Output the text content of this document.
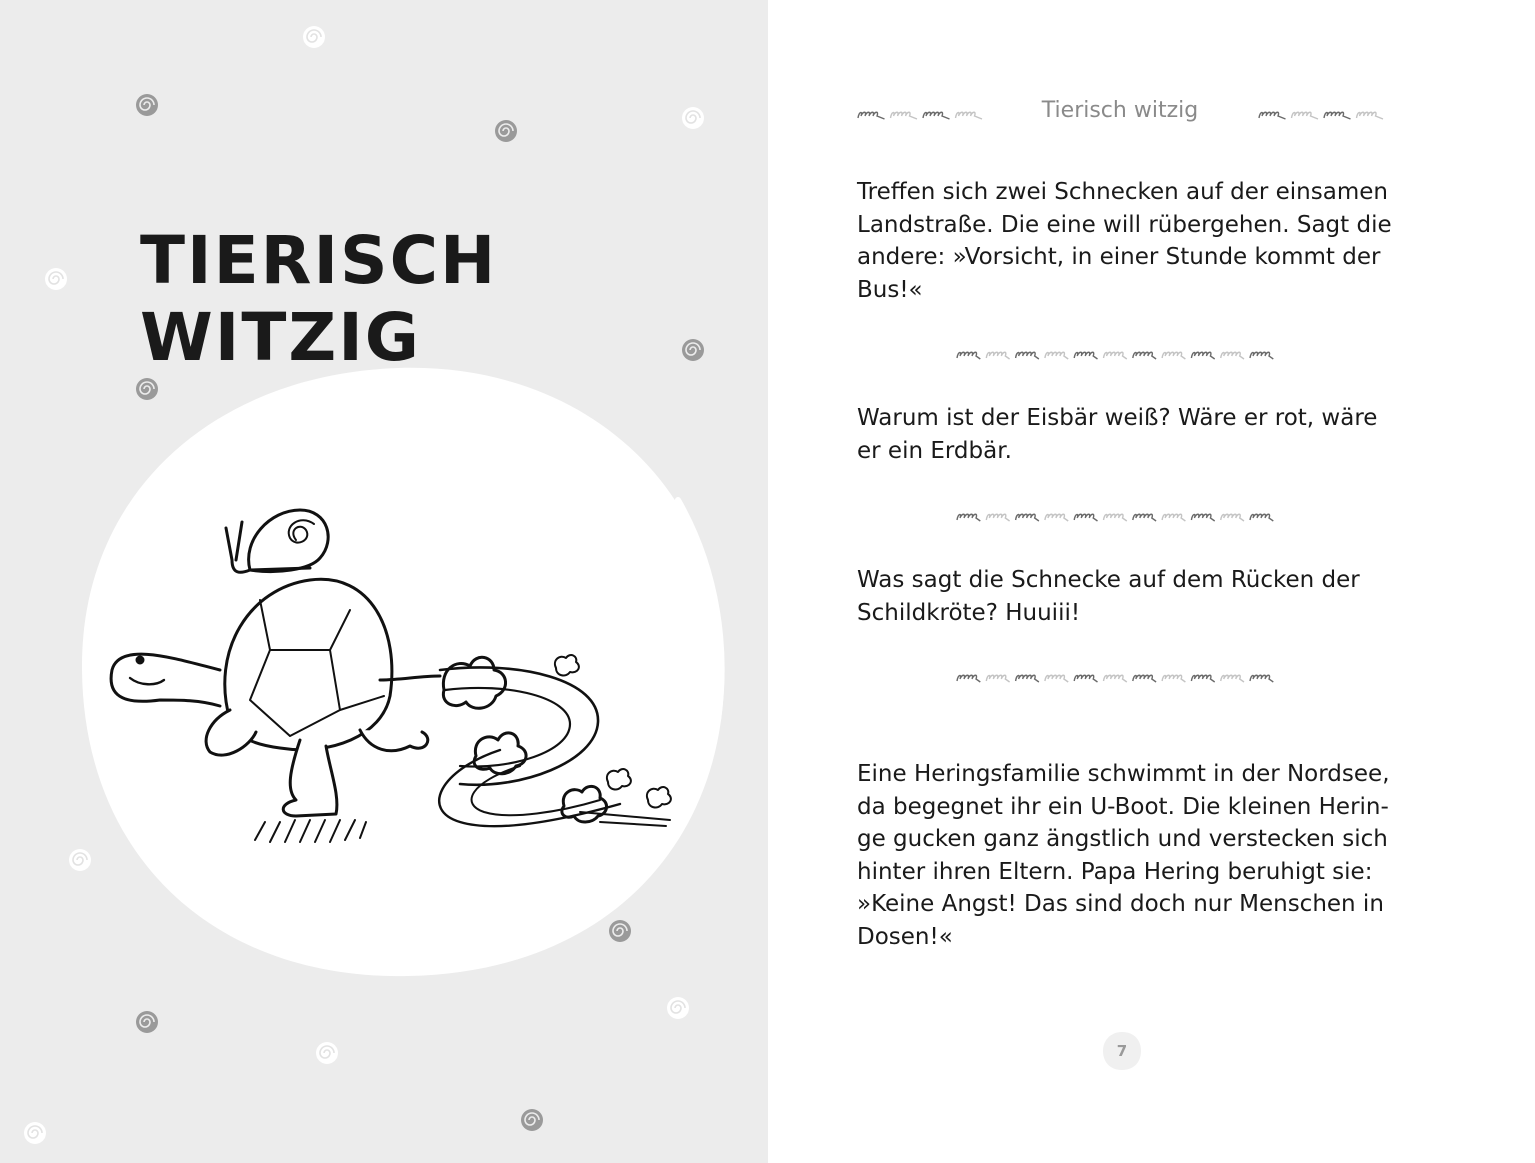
TIERISCH WITZIG
Tierisch witzig

Treffen sich zwei Schnecken auf der einsamen Landstraße. Die eine will rübergehen. Sagt die andere: »Vorsicht, in einer Stunde kommt der Bus!«

Warum ist der Eisbär weiß? Wäre er rot, wäre er ein Erdbär.

Was sagt die Schnecke auf dem Rücken der Schildkröte? Huuiii!

Eine Heringsfamilie schwimmt in der Nordsee, da begegnet ihr ein U-Boot. Die kleinen Herin-ge gucken ganz ängstlich und verstecken sich hinter ihren Eltern. Papa Hering beruhigt sie: »Keine Angst! Das sind doch nur Menschen in Dosen!«

7
